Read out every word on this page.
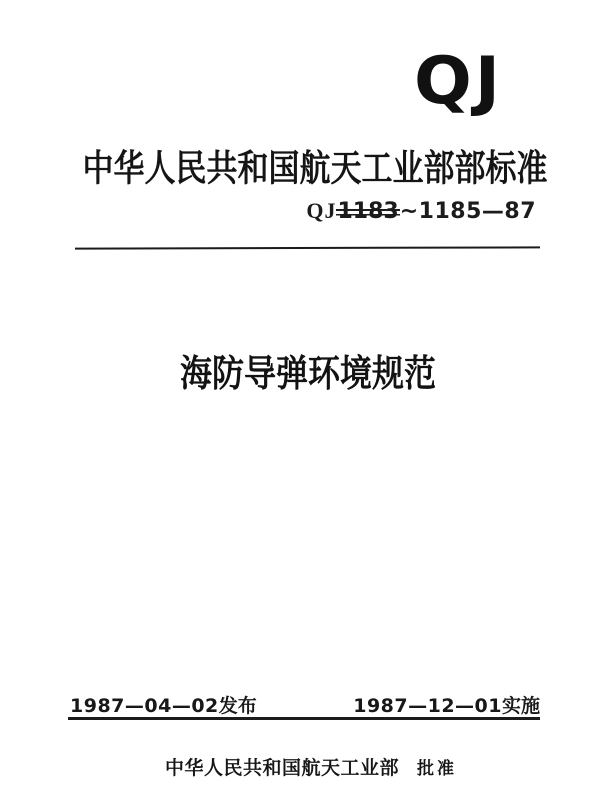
QJ
中华人民共和国航天工业部部标准
QJ1183~1185—87
海防导弹环境规范
1987—04—02发布	1987—12—01实施
中华人民共和国航天工业部 批准
